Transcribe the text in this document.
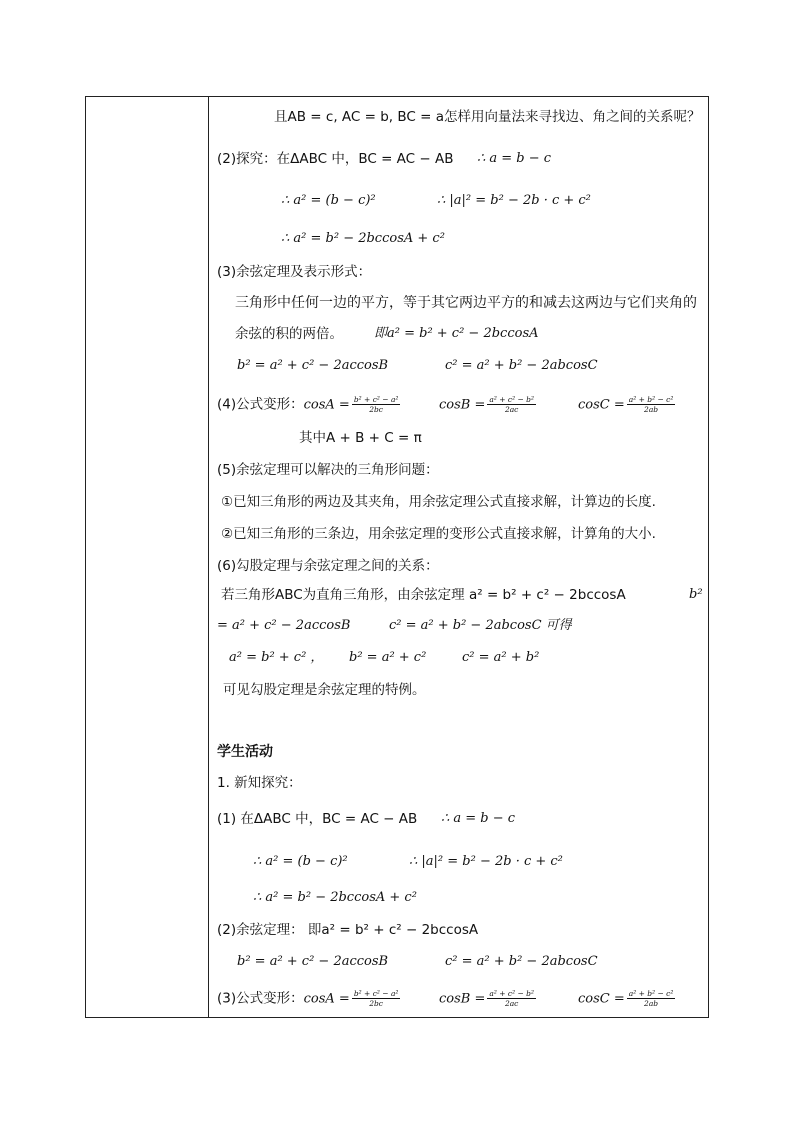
且AB = c, AC = b, BC = a怎样用向量法来寻找边、角之间的关系呢？
(2)探究：在ΔABC 中，BC = AC − AB ∴ a = b − c
∴ a² = (b − c)²	∴ |a|² = b² − 2b · c + c²
∴ a² = b² − 2bccosA + c²
(3)余弦定理及表示形式：
三角形中任何一边的平方，等于其它两边平方的和减去这两边与它们夹角的
余弦的积的两倍。 即a² = b² + c² − 2bccosA
b² = a² + c² − 2accosB	c² = a² + b² − 2abcosC
(4)公式变形：$\cos A = \frac{\text{b² + c² − a²}}{2bc}$	$\cos B = \frac{\text{a² + c² − b²}}{2ac}$	$\cos C = \frac{\text{a² + b² − c²}}{2ab}$
其中A + B + C = π
(5)余弦定理可以解决的三角形问题：
①已知三角形的两边及其夹角，用余弦定理公式直接求解，计算边的长度.
②已知三角形的三条边，用余弦定理的变形公式直接求解，计算角的大小.
(6)勾股定理与余弦定理之间的关系：
若三角形ABC为直角三角形，由余弦定理 a² = b² + c² − 2bccosA	b²
= a² + c² − 2accosB	c² = a² + b² − 2abcosC 可得
a² = b² + c² ， b² = a² + c²	c² = a² + b²
可见勾股定理是余弦定理的特例。
学生活动
1. 新知探究：
(1) 在ΔABC 中，BC = AC − AB ∴ a = b − c
∴ a² = (b − c)²	∴ |a|² = b² − 2b · c + c²
∴ a² = b² − 2bccosA + c²
(2)余弦定理： 即a² = b² + c² − 2bccosA
b² = a² + c² − 2accosB	c² = a² + b² − 2abcosC
(3)公式变形：$\cos A = \frac{\text{b² + c² − a²}}{2bc}$	$\cos B = \frac{\text{a² + c² − b²}}{2ac}$	$\cos C = \frac{\text{a² + b² − c²}}{2ab}$
